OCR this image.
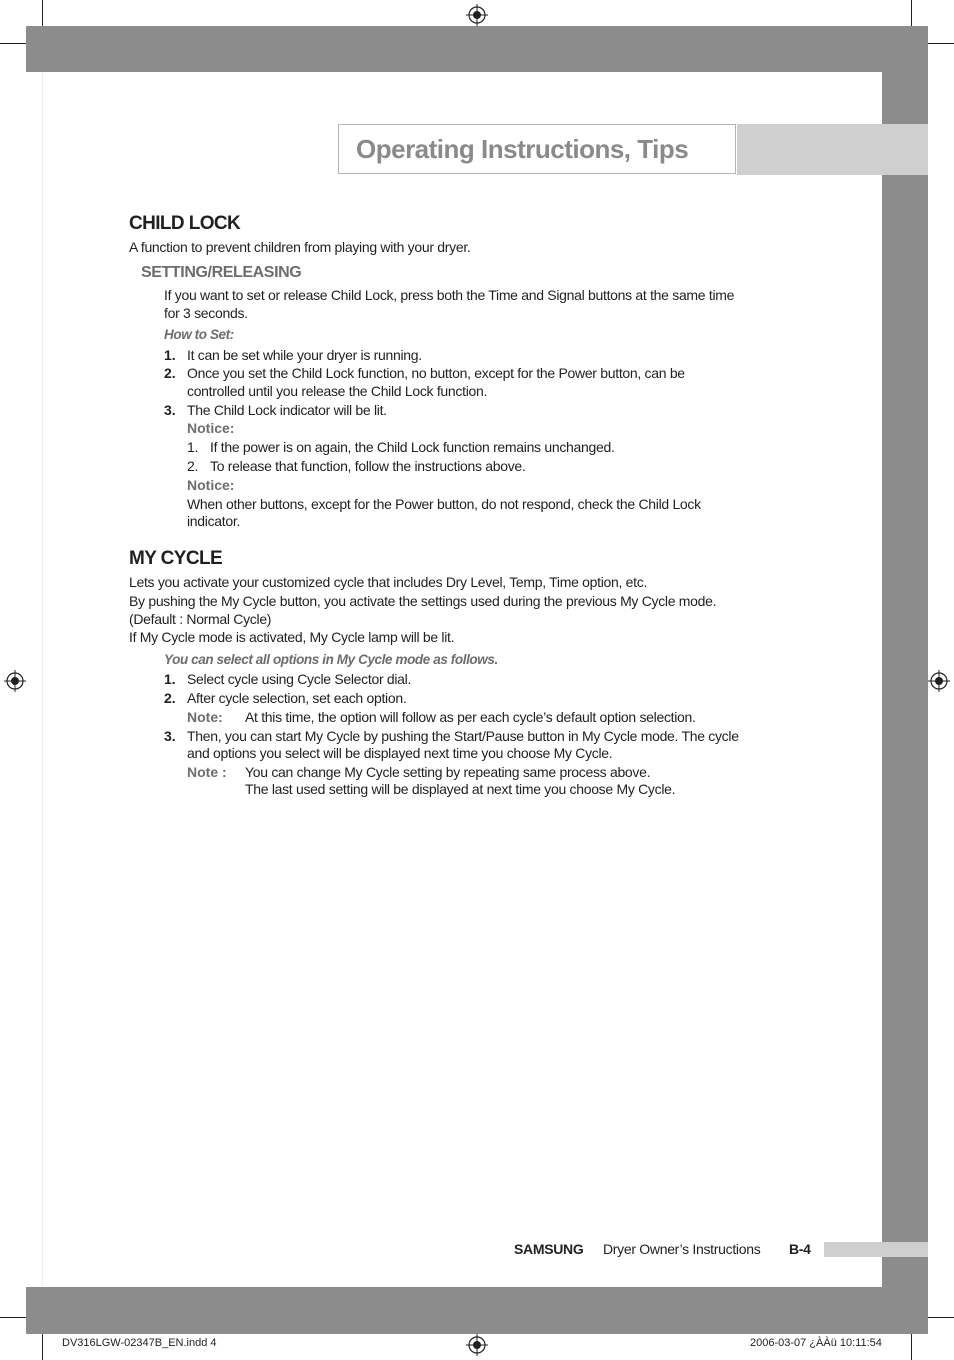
Operating Instructions, Tips
CHILD LOCK
A function to prevent children from playing with your dryer.
SETTING/RELEASING
If you want to set or release Child Lock, press both the Time and Signal buttons at the same time
for 3 seconds.
How to Set:
1. It can be set while your dryer is running.
2. Once you set the Child Lock function, no button, except for the Power button, can be
controlled until you release the Child Lock function.
3. The Child Lock indicator will be lit.
Notice:
1. If the power is on again, the Child Lock function remains unchanged.
2. To release that function, follow the instructions above.
Notice:
When other buttons, except for the Power button, do not respond, check the Child Lock
indicator.
MY CYCLE
Lets you activate your customized cycle that includes Dry Level, Temp, Time option, etc.
By pushing the My Cycle button, you activate the settings used during the previous My Cycle mode.
(Default : Normal Cycle)
If My Cycle mode is activated, My Cycle lamp will be lit.
You can select all options in My Cycle mode as follows.
1. Select cycle using Cycle Selector dial.
2. After cycle selection, set each option.
Note: At this time, the option will follow as per each cycle’s default option selection.
3. Then, you can start My Cycle by pushing the Start/Pause button in My Cycle mode. The cycle
and options you select will be displayed next time you choose My Cycle.
Note : You can change My Cycle setting by repeating same process above.
The last used setting will be displayed at next time you choose My Cycle.
SAMSUNG Dryer Owner’s Instructions B-4
DV316LGW-02347B_EN.indd 4	2006-03-07 ¿ÀÀü 10:11:54
